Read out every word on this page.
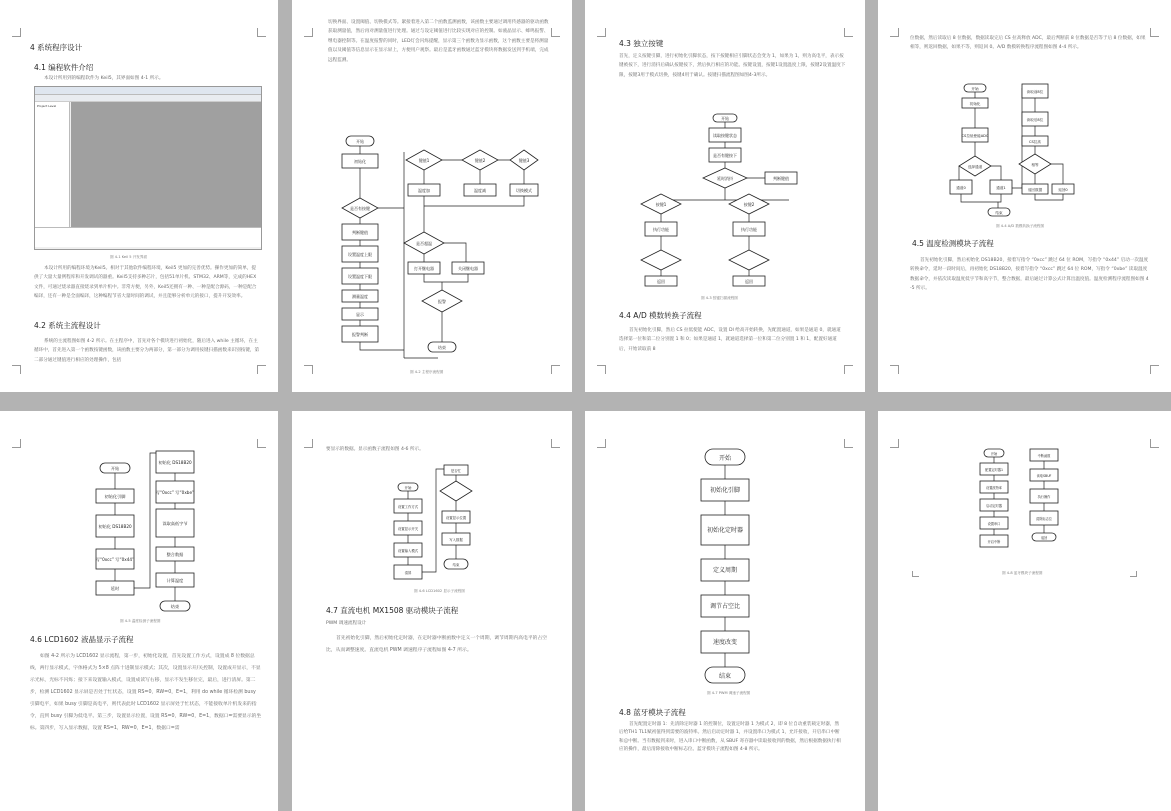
4 系统程序设计
4.1 编程软件介绍
本设计所用到的编程软件为 Keil5，其界面如图 4-1 所示。
Project Level
图 4-1 Keil 5 开发界面
本设计所用的编程环境为Keil5。相对于其他软件编程环境，Keil5 更加的完善优势。操作更加的简单，提供了大量大量例程库和开发调试的器重。Keil5支持多种芯片，包括51单片机、STM32、ARM等，完成的HEX文件，可通过烧录器直接烧录到单片机中。非常方便，另外，Keil5还拥有一种、一种是配合源码，一种是配合编译，还有一种是全面编译，这种编程节省大量时间的调试，并且能够分析单元的接口，提升开发效率。
4.2 系统主流程设计
系统的主流程图如图 4-2 所示。在主程序中，首先对各个模块进行初始化，随后进入 while 主循环，在主循环中，首先进入第一个函数按键函数，该函数主要分为两部分，第一部分为调用按键扫描函数来识别按键，第二部分通过键值进行相应的处理操作，包括
切换界面、设置阈值、切换模式等。紧接着进入第二个函数监测函数，该函数主要通过调用传感器的驱动函数获取测量值，然后再对测量值进行处理。通过与设定阈值进行比较实现对应的控制。如液晶显示、蜂鸣报警、继电器控制等。在温度报警的同时，LED灯会闪烁提醒，显示第三个函数为显示函数，这个函数主要是将测量值以及阈值等信息显示在显示屏上，方便用户观察。最后是蓝牙函数通过蓝牙模块将数据发送到手机端，完成远程监测。
开始
初始化
是否有按键
判断键值
设置温度上限
设置温度下限
测量温度
显示
报警判断
键值1	键值2	键值3
温度加	温度减	切换模式
是否超温
打开继电器	关闭继电器
报警
结束
图 4-2 主程序流程图
4.3 独立按键
首先，定义按键引脚，进行初始化引脚状态，按下按键相应引脚状态会变为 1，如果为 1，则为高电平，表示按键被按下，进行消抖后确认按键按下，然后执行相应的功能。按键设置，按键1设置温度上限，按键2设置温度下限，按键3用于模式切换，按键4用于确认。按键扫描流程图如图4-3所示。
开始
读取按键状态
是否有键按下
延时消抖	判断键值
按键1	按键2
执行功能	执行功能
返回	返回
图 4-3 按键扫描流程图
4.4 A/D 模数转换子流程
首先初始化引脚，然后 CS 拉低使能 ADC，设置 DI 给高开始转换，先配置通道，如果是通道 0，就通道选择第一位和第二位分别置 1 和 0；如果是通道 1，就通道选择第一位和第二位分别置 1 和 1，配置好通道后，开始读取前 8
位数据，然后读取后 8 位数据，数据读取完后 CS 拉高释放 ADC，最后判断前 8 位数据是否等于后 8 位数据，如果相等，则返回数据，如果不等，则返回 0。A/D 数模转换程序流程图如图 4-4 所示。
开始
初始化
CS拉低使能ADC
选择通道
通道0	通道1
读取前8位
读取后8位
CS拉高
相等
返回数据	返回0
结束
图 4-4 A/D 数模转换子流程图
4.5 温度检测模块子流程
首先初始化引脚，然后初始化 DS18B20，接着写指令 “0xcc” 跳过 64 位 ROM，写指令 “0x44” 启动一次温度转换命令，延时一段时间后，再初始化 DS18B20，接着写指令 “0xcc” 跳过 64 位 ROM，写指令 “0xbe” 读取温度数据命令，并依次读取温度低字节和高字节，整合数据，最后通过计算公式计算出温度值。温度检测程序流程图如图 4-5 所示。
开始
初始化引脚
初始化 DS18B20
写“0xcc” 写“0x44”
延时
初始化 DS18B20
写“0xcc” 写“0xbe”
读取高低字节
整合数据
计算温度
结束
图 4-5 温度检测子流程图
4.6 LCD1602 液晶显示子流程
如图 4-2 所示为 LCD1602 显示流程，第一步，初始化设置，首先设置工作方式，设置成 8 位数据总线，两行显示模式，字体格式为 5×8 点阵十进制显示模式；其次，设置显示开/关控制，设置成开显示，不显示光标，光标不闪烁；接下来设置输入模式，设置成读写右移，显示不发生移位完，最后，进行清屏。第二步，检测 LCD1602 显示屏是否处于忙状态，设置 RS=0，RW=0，E=1，利用 do while 循环检测 busy 引脚电平，如果 busy 引脚是高电平，则代表此时 LCD1602 显示屏处于忙状态，不能接收单片机发来的指令，直到 busy 引脚为低电平。第三步，设置显示位置，设置 RS=0，RW=0，E=1，数据口=需要显示的坐标。第四步，写入显示数据，设置 RS=1，RW=0，E=1，数据口=需
要显示的数据。显示函数子流程如图 4-6 所示。
开始
设置工作方式
设置显示开关
设置输入模式
清屏
是否忙
设置显示位置
写入数据
结束
图 4-6 LCD1602 显示子流程图
4.7 直流电机 MX1508 驱动模块子流程
PWM 调速流程设计
首先初始化引脚，然后初始化定时器，在定时器中断函数中定义一个周期，调节周期内高电平的占空比，从而调整速度。直流电机 PWM 调速程序子流程如图 4-7 所示。
开始
初始化引脚
初始化定时器
定义周期
调节占空比
速度改变
结束
图 4-7 PWM 调速子流程图
4.8 蓝牙模块子流程
首先配置定时器 1：先清除定时器 1 的控制位，设置定时器 1 为模式 2，即 8 位自动重装载定时器，然后给TH1 TL1赋初值得到需要的波特率。然后启动定时器 1，并设置串口为模式 1，允许接收，开启串口中断和总中断。当有数据到来时，进入串口中断函数，从 SBUF 寄存器中读取接收到的数据，然后根据数据执行相应的操作，最后清除接收中断标志位。蓝牙模块子流程如图 4-8 所示。
开始
配置定时器1
设置波特率
启动定时器
设置串口
开启中断
中断函数
读取SBUF
执行操作
清除标志位
返回
图 4-8 蓝牙模块子流程图
